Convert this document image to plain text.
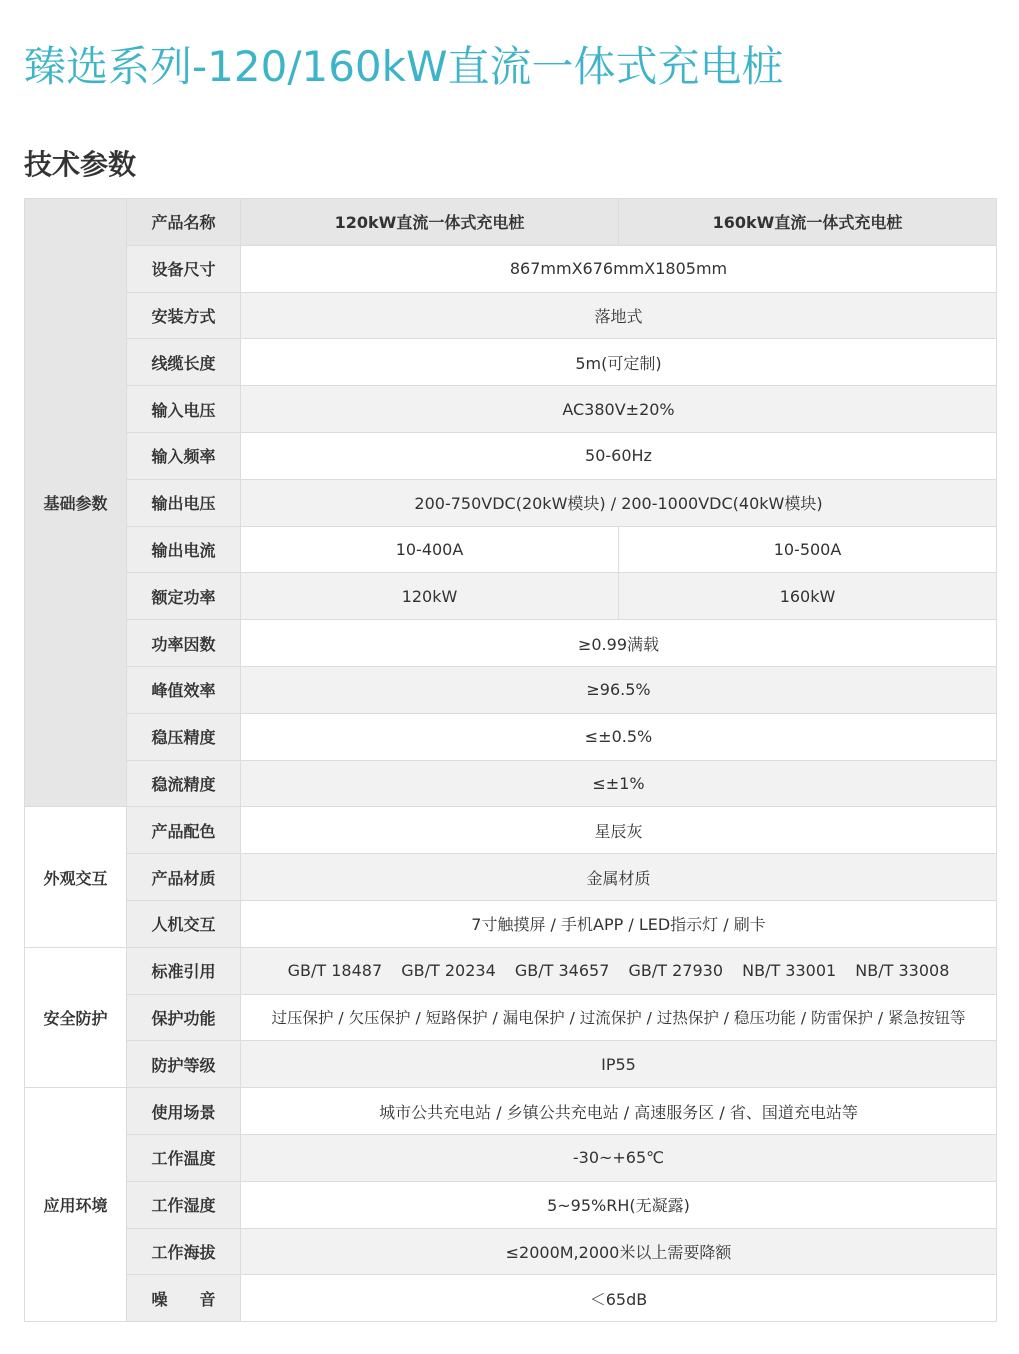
臻选系列-120/160kW直流一体式充电桩
技术参数
基础参数	产品名称	120kW直流一体式充电桩	160kW直流一体式充电桩
	设备尺寸	867mmX676mmX1805mm	
	安装方式	落地式	
	线缆长度	5m(可定制)	
	输入电压	AC380V±20%	
	输入频率	50-60Hz	
	输出电压	200-750VDC(20kW模块) / 200-1000VDC(40kW模块)	
	输出电流	10-400A	10-500A
	额定功率	120kW	160kW
	功率因数	≥0.99满载	
	峰值效率	≥96.5%	
	稳压精度	≤±0.5%	
	稳流精度	≤±1%	
外观交互	产品配色	星辰灰	
	产品材质	金属材质	
	人机交互	7寸触摸屏 / 手机APP / LED指示灯 / 刷卡	
安全防护	标准引用	GB/T 18487 GB/T 20234 GB/T 34657 GB/T 27930 NB/T 33001 NB/T 33008	
	保护功能	过压保护 / 欠压保护 / 短路保护 / 漏电保护 / 过流保护 / 过热保护 / 稳压功能 / 防雷保护 / 紧急按钮等	
	防护等级	IP55	
应用环境	使用场景	城市公共充电站 / 乡镇公共充电站 / 高速服务区 / 省、国道充电站等	
	工作温度	-30~+65℃	
	工作湿度	5~95%RH(无凝露)	
	工作海拔	≤2000M,2000米以上需要降额	
	噪　　音	＜65dB	
